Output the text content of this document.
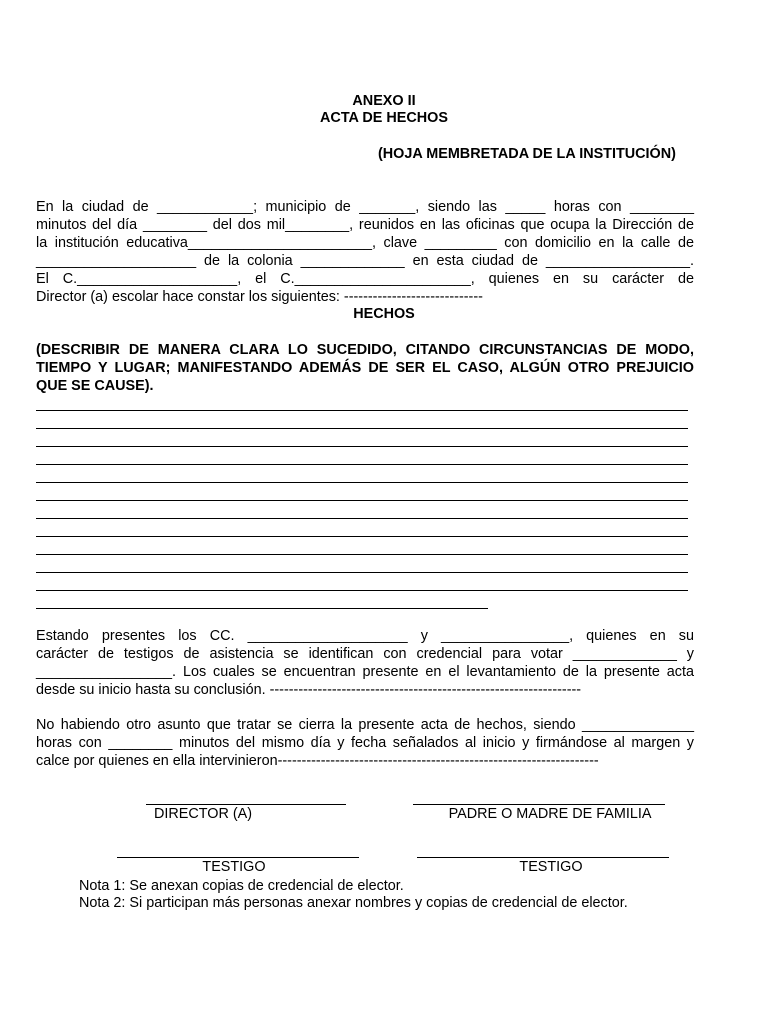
ANEXO II
ACTA DE HECHOS
(HOJA MEMBRETADA DE LA INSTITUCIÓN)
En la ciudad de ____________; municipio de _______, siendo las _____ horas con ________
minutos del día ________ del dos mil________, reunidos en las oficinas que ocupa la Dirección de
la institución educativa_______________________, clave _________ con domicilio en la calle de
____________________ de la colonia _____________ en esta ciudad de __________________.
El C.____________________, el C.______________________, quienes en su carácter de
Director (a) escolar hace constar los siguientes: -----------------------------
HECHOS
(DESCRIBIR DE MANERA CLARA LO SUCEDIDO, CITANDO CIRCUNSTANCIAS DE MODO,
TIEMPO Y LUGAR; MANIFESTANDO ADEMÁS DE SER EL CASO, ALGÚN OTRO PREJUICIO
QUE SE CAUSE).
Estando presentes los CC. ____________________ y ________________, quienes en su
carácter de testigos de asistencia se identifican con credencial para votar _____________ y
_________________. Los cuales se encuentran presente en el levantamiento de la presente acta
desde su inicio hasta su conclusión. -----------------------------------------------------------------
No habiendo otro asunto que tratar se cierra la presente acta de hechos, siendo ______________
horas con ________ minutos del mismo día y fecha señalados al inicio y firmándose al margen y
calce por quienes en ella intervinieron-------------------------------------------------------------------
DIRECTOR (A)	PADRE O MADRE DE FAMILIA
TESTIGO	TESTIGO
Nota 1: Se anexan copias de credencial de elector.
Nota 2: Si participan más personas anexar nombres y copias de credencial de elector.
